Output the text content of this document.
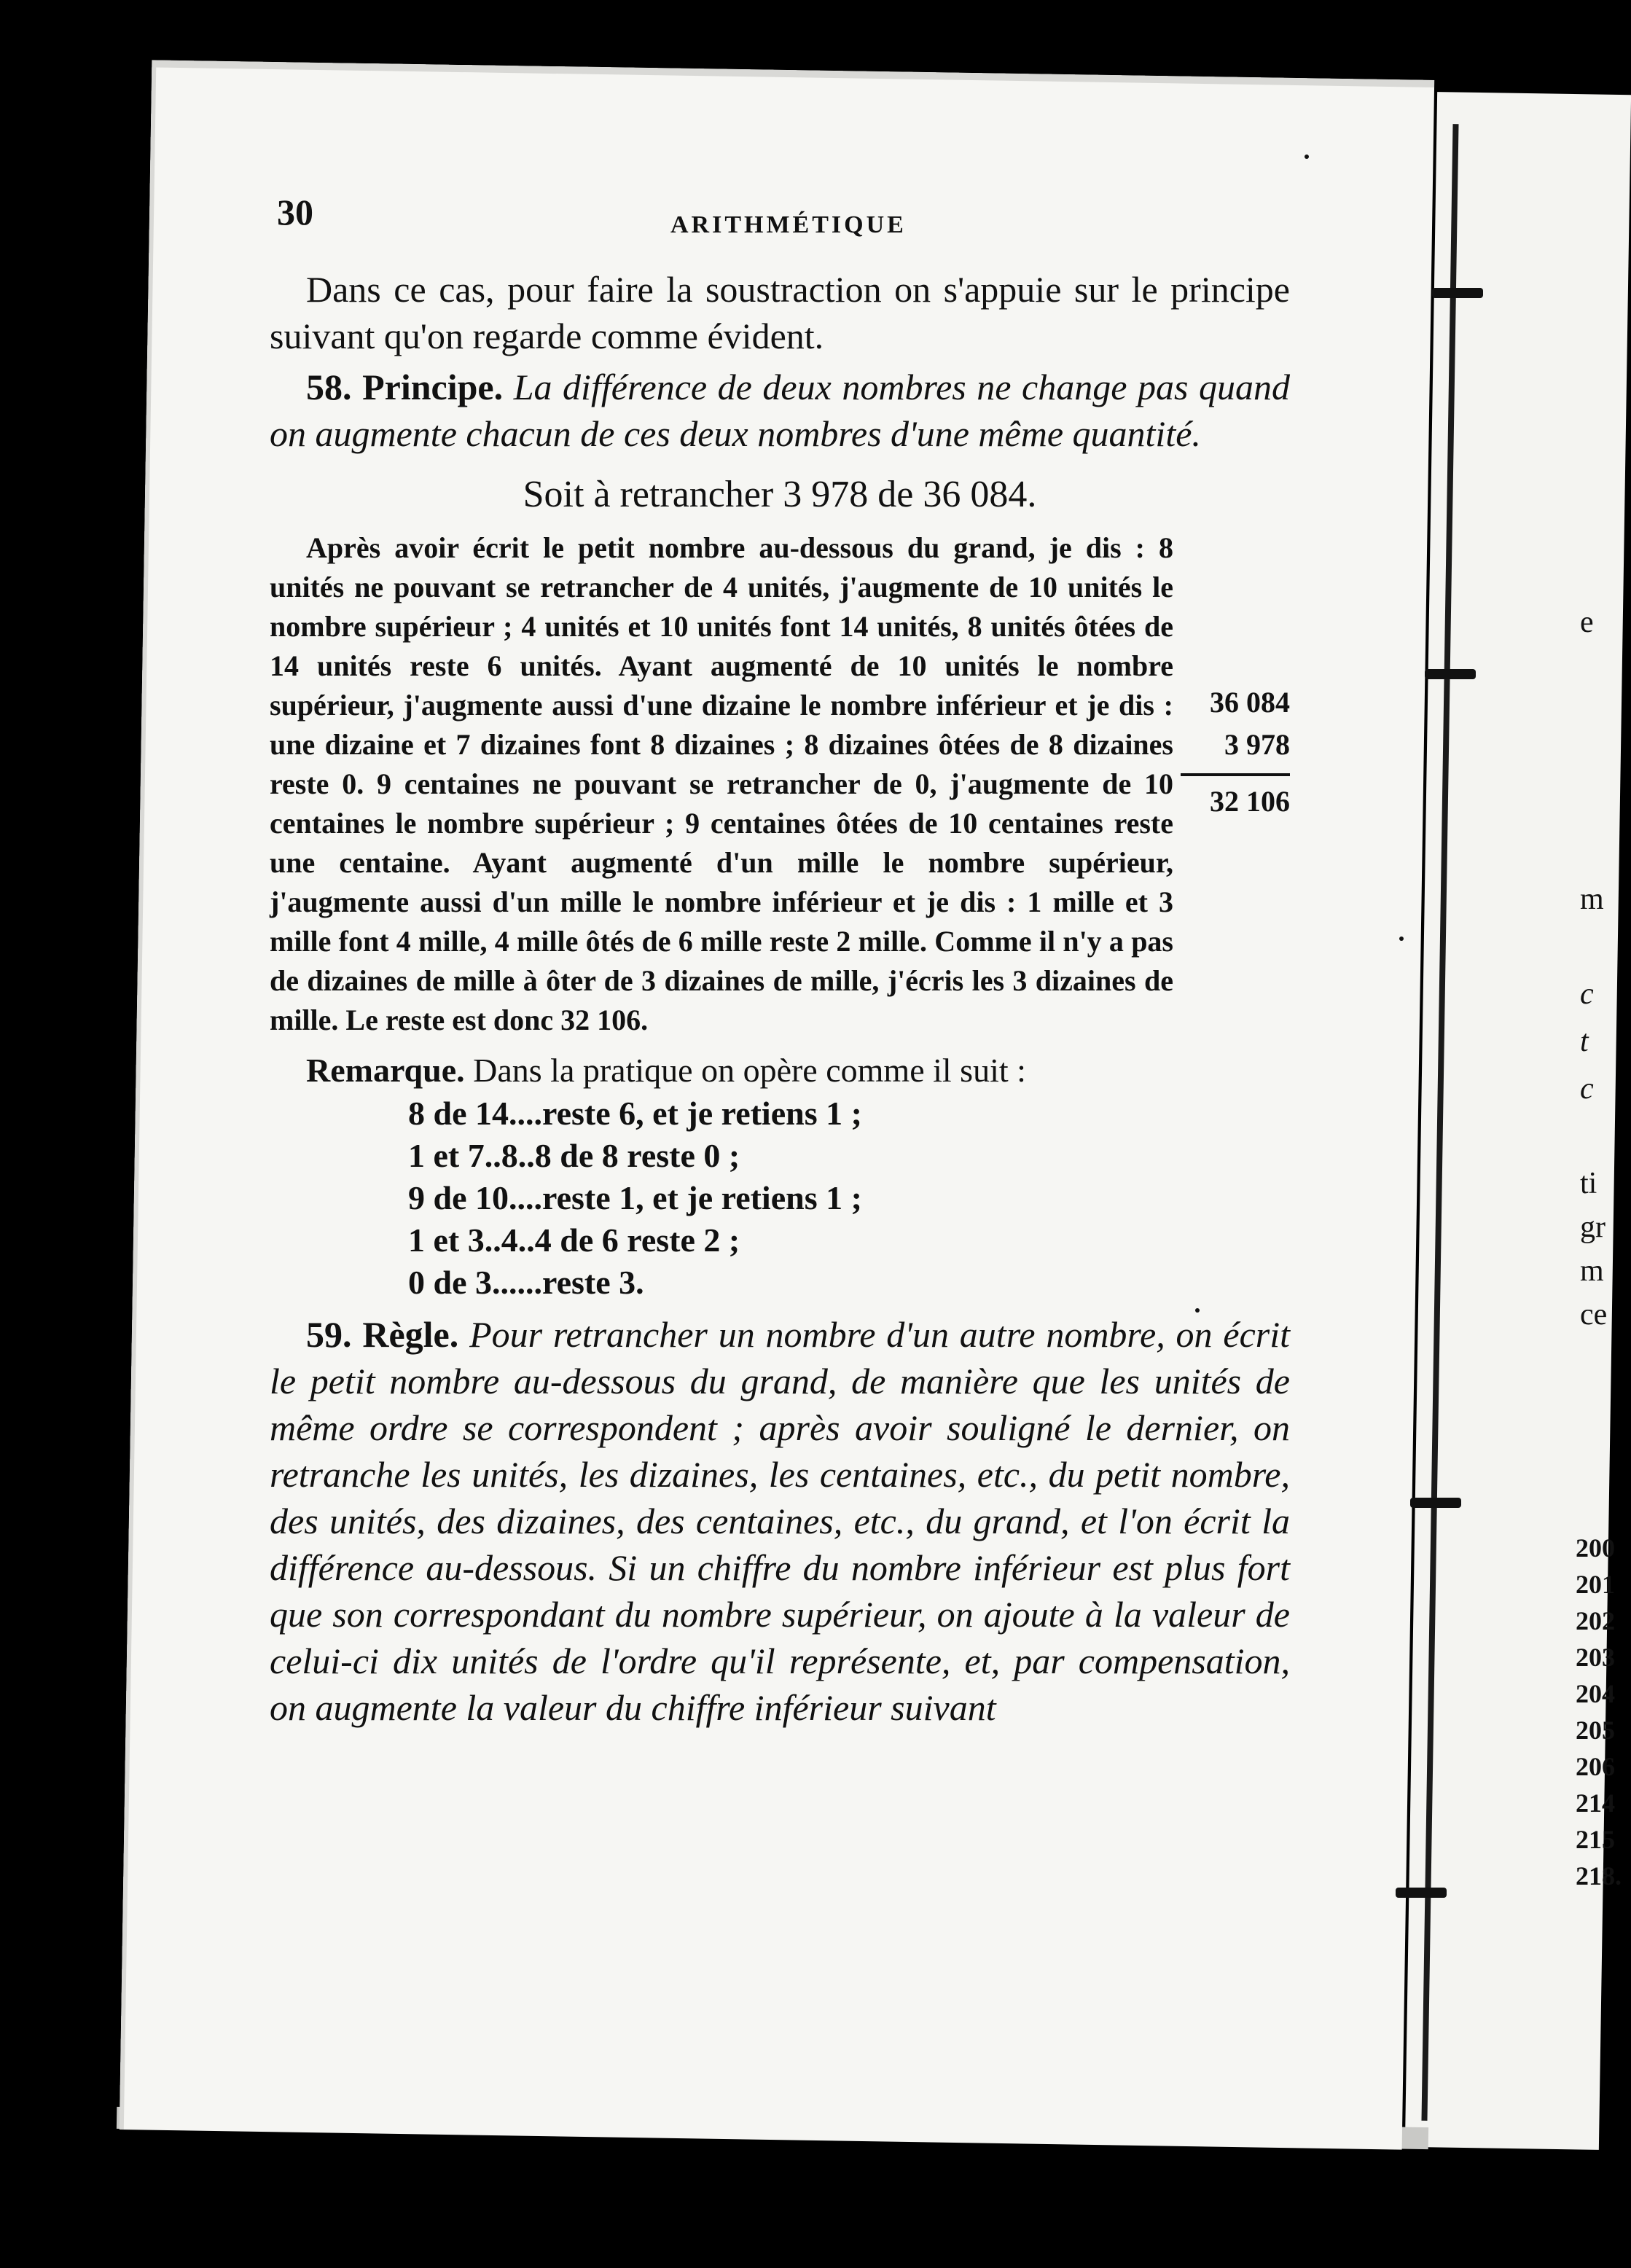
e
m
c
t
c
ti
gr
m
ce
200
201
202
203
204
205
206
214
215
218.
30	ARITHMÉTIQUE

Dans ce cas, pour faire la soustraction on s'appuie sur le principe suivant qu'on regarde comme évident.

58. Principe. La différence de deux nombres ne change pas quand on augmente chacun de ces deux nombres d'une même quantité.

Soit à retrancher 3 978 de 36 084.

Après avoir écrit le petit nombre au-dessous du grand, je dis : 8 unités ne pouvant se retrancher de 4 unités, j'augmente de 10 unités le nombre supérieur ; 4 unités et 10 unités font 14 unités, 8 unités ôtées de 14 unités reste 6 unités. Ayant augmenté de 10 unités le nombre supérieur, j'augmente aussi d'une dizaine le nombre inférieur et je dis : une dizaine et 7 dizaines font 8 dizaines ; 8 dizaines ôtées de 8 dizaines reste 0. 9 centaines ne pouvant se retrancher de 0, j'augmente de 10 centaines le nombre supérieur ; 9 centaines ôtées de 10 centaines reste une centaine. Ayant augmenté d'un mille le nombre supérieur, j'augmente aussi d'un mille le nombre inférieur et je dis : 1 mille et 3 mille font 4 mille, 4 mille ôtés de 6 mille reste 2 mille. Comme il n'y a pas de dizaines de mille à ôter de 3 dizaines de mille, j'écris les 3 dizaines de mille. Le reste est donc 32 106.

36 084
3 978
32 106

Remarque. Dans la pratique on opère comme il suit :

8 de 14....reste 6, et je retiens 1 ;
1 et 7..8..8 de 8 reste 0 ;
9 de 10....reste 1, et je retiens 1 ;
1 et 3..4..4 de 6 reste 2 ;
0 de 3......reste 3.

59. Règle. Pour retrancher un nombre d'un autre nombre, on écrit le petit nombre au-dessous du grand, de manière que les unités de même ordre se correspondent ; après avoir souligné le dernier, on retranche les unités, les dizaines, les centaines, etc., du petit nombre, des unités, des dizaines, des centaines, etc., du grand, et l'on écrit la différence au-dessous. Si un chiffre du nombre inférieur est plus fort que son correspondant du nombre supérieur, on ajoute à la valeur de celui-ci dix unités de l'ordre qu'il représente, et, par compensation, on augmente la valeur du chiffre inférieur suivant
